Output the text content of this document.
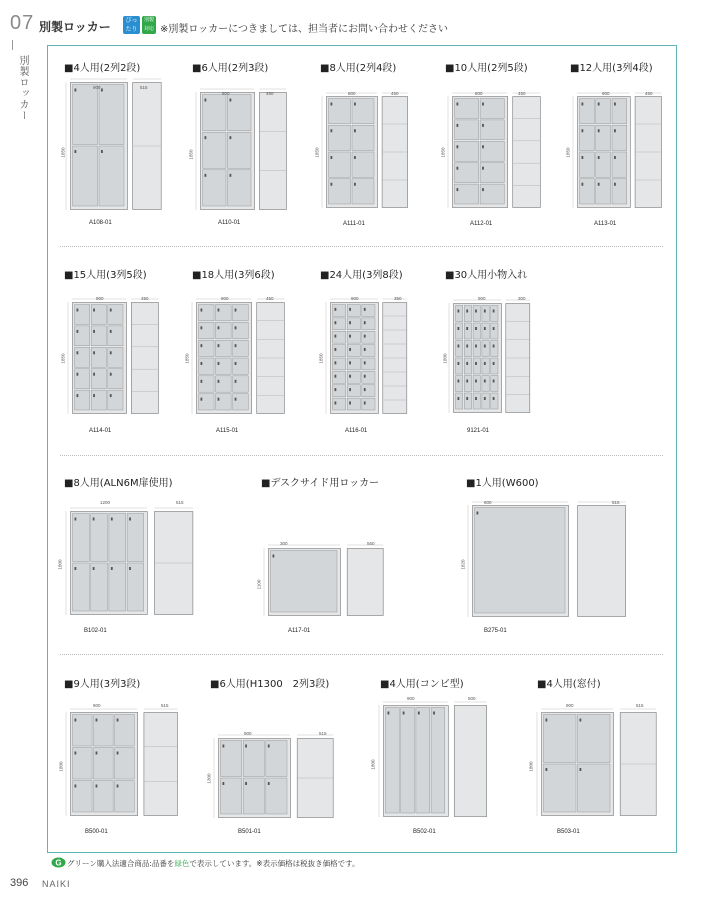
07
別製ロッカー
別製ロッカー	ぴったり
別製対応 ※別製ロッカーにつきましては、担当者にお問い合わせください
■4人用(2列2段)
900	515
1850
A108-01
■6人用(2列3段)
800	450
1850
A110-01
■8人用(2列4段)
800	450
1850
A111-01
■10人用(2列5段)
800	450
1850
A112-01
■12人用(3列4段)
900	450
1850
A113-01
■15人用(3列5段)
900	450
1850
A114-01
■18人用(3列6段)
900	450
1850
A115-01
■24人用(3列8段)
900	350
1850
A116-01
■30人用小物入れ
900	300
1800
9121-01
■8人用(ALN6M扉使用)
1200	515
1800
B102-01
■デスクサイド用ロッカー
300	550
1100
A117-01
■1人用(W600)
600	515
1820
B275-01
■9人用(3列3段)
900	515
1800
B500-01
■6人用(H1300　2列3段)
900	515
1300
B501-01
■4人用(コンビ型)
900	500
1800
B502-01
■4人用(窓付)
900	515
1800
B503-01
G グリーン購入法適合商品:品番を緑色で表示しています。※表示価格は税抜き価格です。
396 NAIKI
